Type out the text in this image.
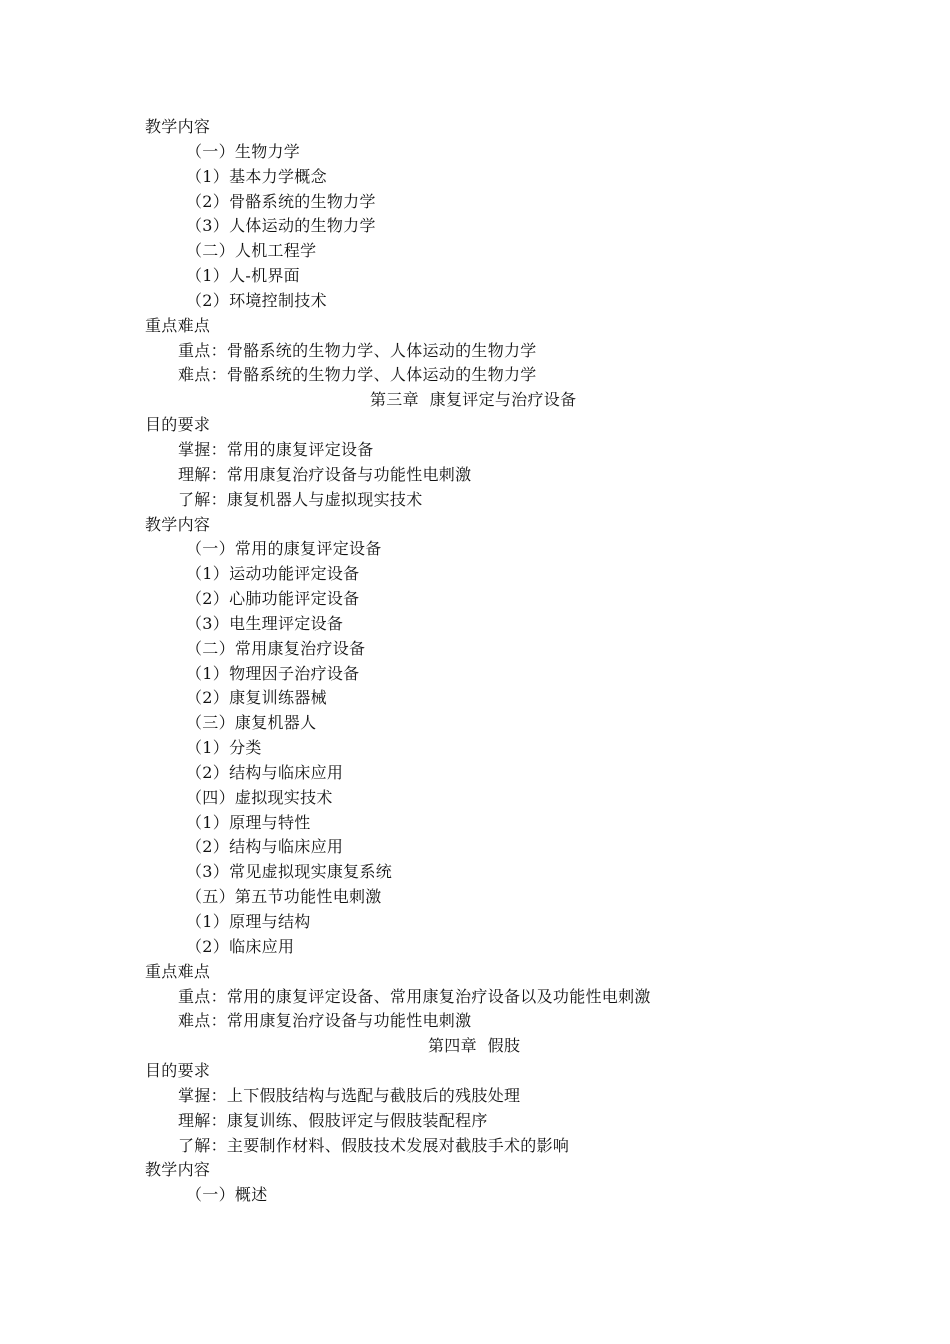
教学内容
（一）生物力学
（1）基本力学概念
（2）骨骼系统的生物力学
（3）人体运动的生物力学
（二）人机工程学
（1）人-机界面
（2）环境控制技术
重点难点
重点：骨骼系统的生物力学、人体运动的生物力学
难点：骨骼系统的生物力学、人体运动的生物力学
第三章  康复评定与治疗设备
目的要求
掌握：常用的康复评定设备
理解：常用康复治疗设备与功能性电刺激
了解：康复机器人与虚拟现实技术
教学内容
（一）常用的康复评定设备
（1）运动功能评定设备
（2）心肺功能评定设备
（3）电生理评定设备
（二）常用康复治疗设备
（1）物理因子治疗设备
（2）康复训练器械
（三）康复机器人
（1）分类
（2）结构与临床应用
（四）虚拟现实技术
（1）原理与特性
（2）结构与临床应用
（3）常见虚拟现实康复系统
（五）第五节功能性电刺激
（1）原理与结构
（2）临床应用
重点难点
重点：常用的康复评定设备、常用康复治疗设备以及功能性电刺激
难点：常用康复治疗设备与功能性电刺激
第四章  假肢
目的要求
掌握：上下假肢结构与选配与截肢后的残肢处理
理解：康复训练、假肢评定与假肢装配程序
了解：主要制作材料、假肢技术发展对截肢手术的影响
教学内容
（一）概述
